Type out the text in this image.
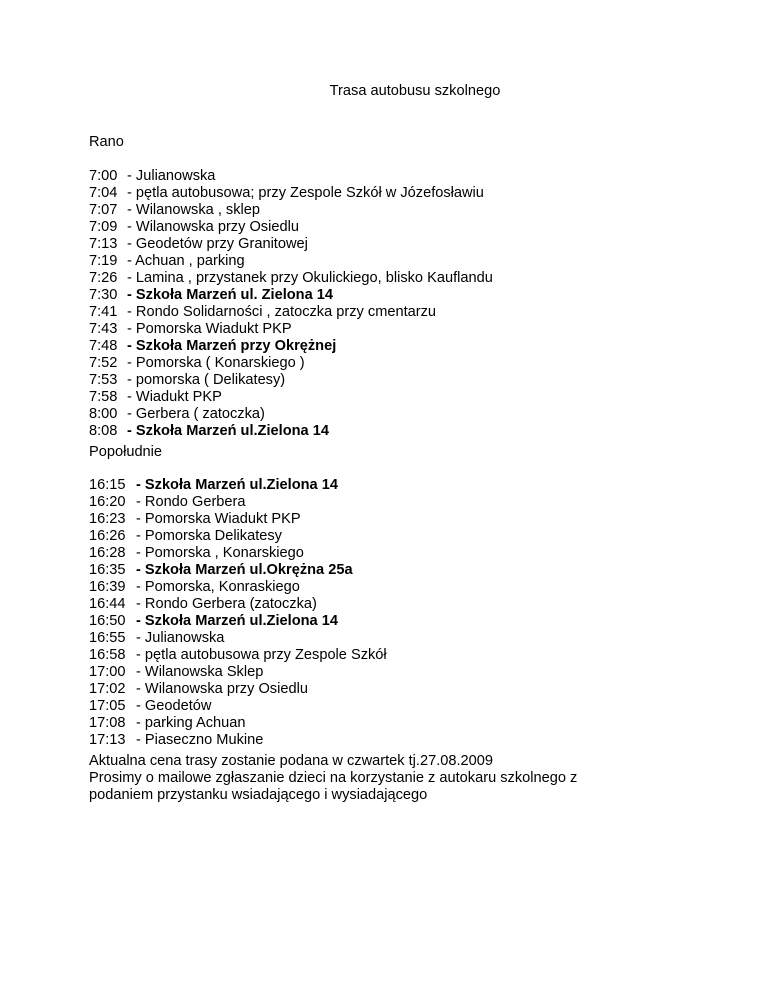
Trasa autobusu szkolnego

Rano

7:00 - Julianowska
7:04 - pętla autobusowa; przy Zespole Szkół w Józefosławiu
7:07 - Wilanowska , sklep
7:09 - Wilanowska przy Osiedlu
7:13 - Geodetów przy Granitowej
7:19 - Achuan , parking
7:26 - Lamina , przystanek przy Okulickiego, blisko Kauflandu
7:30 - Szkoła Marzeń ul. Zielona 14
7:41 - Rondo Solidarności , zatoczka przy cmentarzu
7:43 - Pomorska Wiadukt PKP
7:48 - Szkoła Marzeń przy Okrężnej
7:52 - Pomorska ( Konarskiego )
7:53 - pomorska ( Delikatesy)
7:58 - Wiadukt PKP
8:00 - Gerbera ( zatoczka)
8:08 - Szkoła Marzeń ul.Zielona 14

Popołudnie

16:15 - Szkoła Marzeń ul.Zielona 14
16:20 - Rondo Gerbera
16:23 - Pomorska Wiadukt PKP
16:26 - Pomorska Delikatesy
16:28 - Pomorska , Konarskiego
16:35 - Szkoła Marzeń ul.Okrężna 25a
16:39 - Pomorska, Konraskiego
16:44 - Rondo Gerbera (zatoczka)
16:50 - Szkoła Marzeń ul.Zielona 14
16:55 - Julianowska
16:58 - pętla autobusowa przy Zespole Szkół
17:00 - Wilanowska Sklep
17:02 - Wilanowska przy Osiedlu
17:05 - Geodetów
17:08 - parking Achuan
17:13 - Piaseczno Mukine

Aktualna cena trasy zostanie podana w czwartek tj.27.08.2009

Prosimy o mailowe zgłaszanie dzieci na korzystanie z autokaru szkolnego z

podaniem przystanku wsiadającego i wysiadającego
